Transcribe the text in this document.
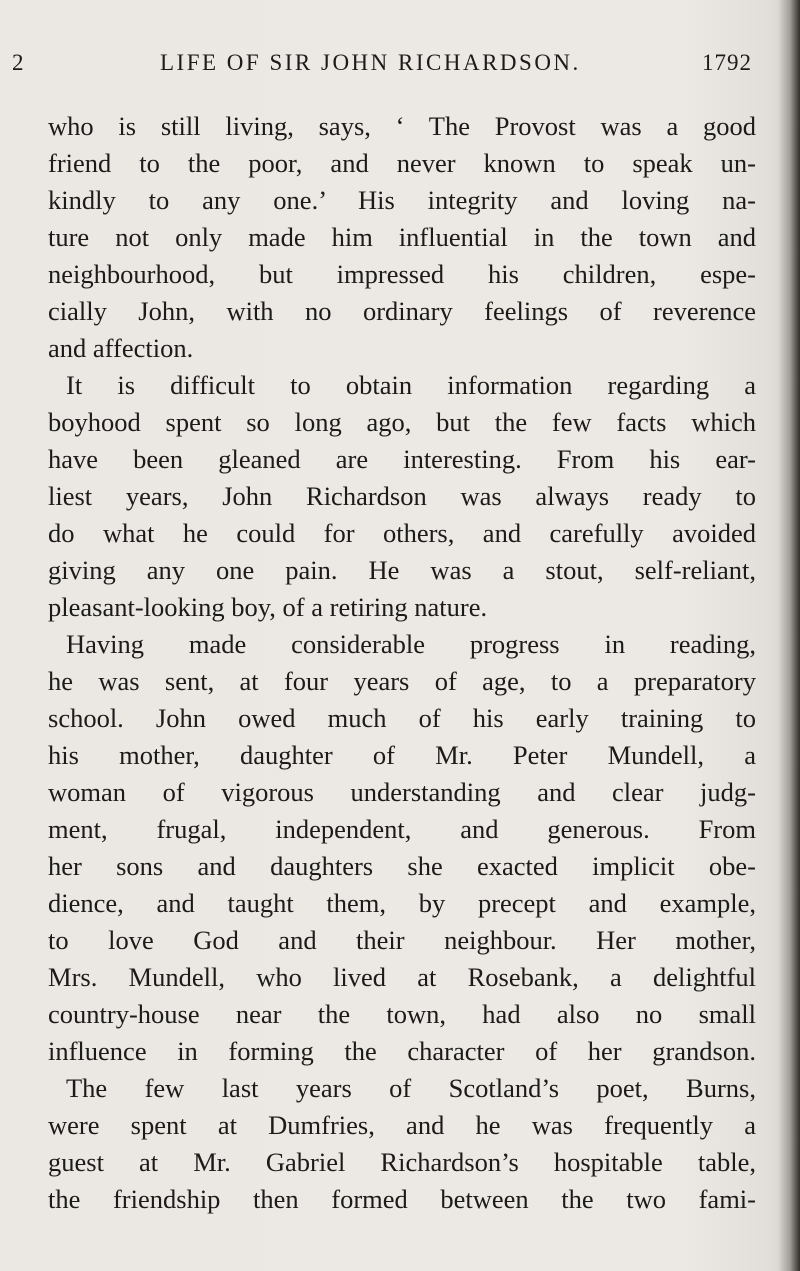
2	LIFE OF SIR JOHN RICHARDSON.	1792
who is still living, says, ‘ The Provost was a good
friend to the poor, and never known to speak un-
kindly to any one.’ His integrity and loving na-
ture not only made him influential in the town and
neighbourhood, but impressed his children, espe-
cially John, with no ordinary feelings of reverence
and affection.
It is difficult to obtain information regarding a
boyhood spent so long ago, but the few facts which
have been gleaned are interesting. From his ear-
liest years, John Richardson was always ready to
do what he could for others, and carefully avoided
giving any one pain. He was a stout, self-reliant,
pleasant-looking boy, of a retiring nature.
Having made considerable progress in reading,
he was sent, at four years of age, to a preparatory
school. John owed much of his early training to
his mother, daughter of Mr. Peter Mundell, a
woman of vigorous understanding and clear judg-
ment, frugal, independent, and generous. From
her sons and daughters she exacted implicit obe-
dience, and taught them, by precept and example,
to love God and their neighbour. Her mother,
Mrs. Mundell, who lived at Rosebank, a delightful
country-house near the town, had also no small
influence in forming the character of her grandson.
The few last years of Scotland’s poet, Burns,
were spent at Dumfries, and he was frequently a
guest at Mr. Gabriel Richardson’s hospitable table,
the friendship then formed between the two fami-
